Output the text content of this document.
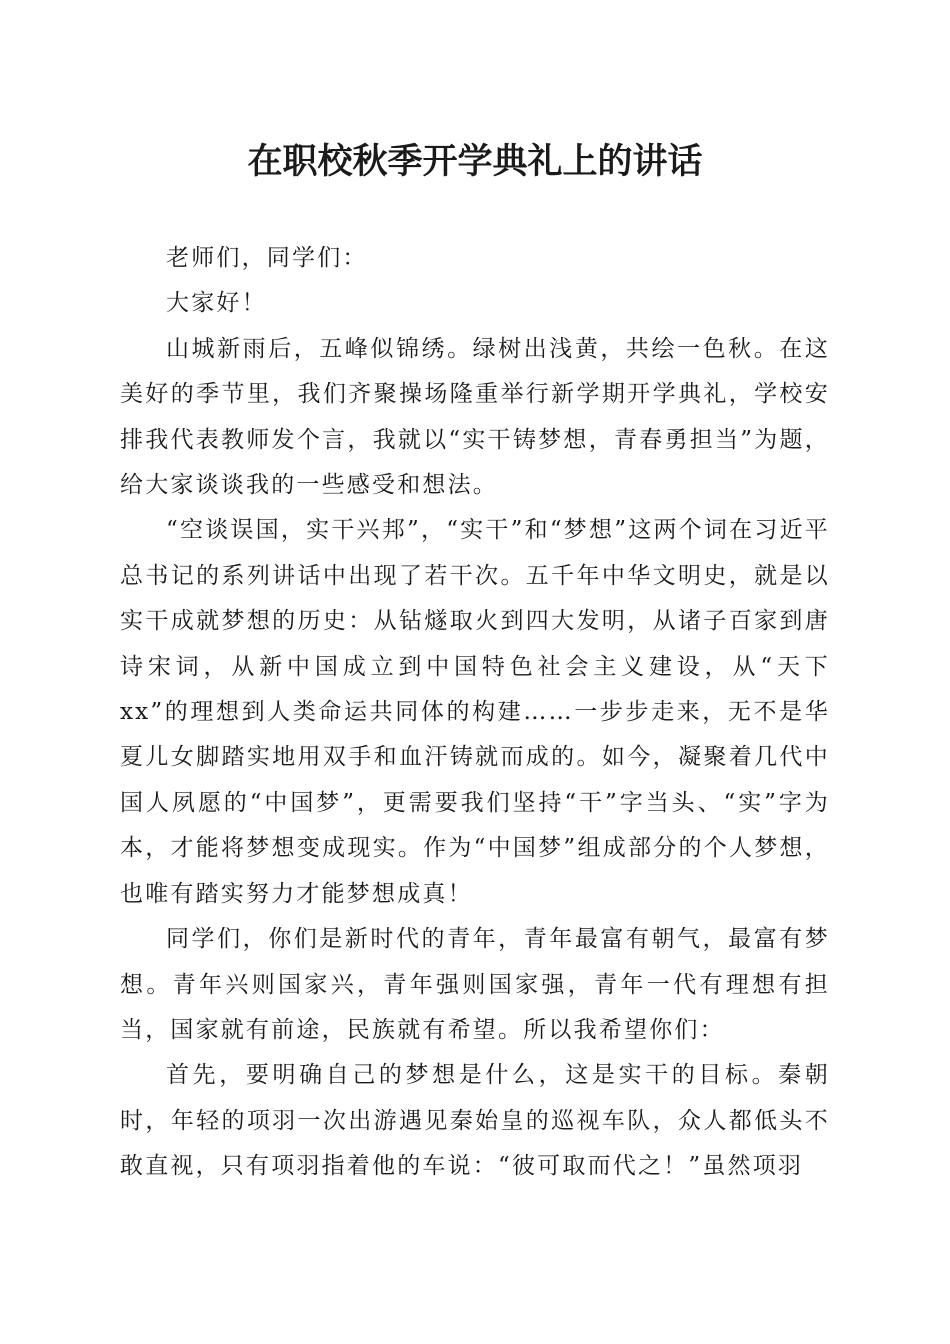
在职校秋季开学典礼上的讲话

老师们，同学们：

大家好！

山城新雨后，五峰似锦绣。绿树出浅黄，共绘一色秋。在这美好的季节里，我们齐聚操场隆重举行新学期开学典礼，学校安排我代表教师发个言，我就以“实干铸梦想，青春勇担当”为题，给大家谈谈我的一些感受和想法。

“空谈误国，实干兴邦”，“实干”和“梦想”这两个词在习近平总书记的系列讲话中出现了若干次。五千年中华文明史，就是以实干成就梦想的历史：从钻燧取火到四大发明，从诸子百家到唐诗宋词，从新中国成立到中国特色社会主义建设，从“天下xx”的理想到人类命运共同体的构建……一步步走来，无不是华夏儿女脚踏实地用双手和血汗铸就而成的。如今，凝聚着几代中国人夙愿的“中国梦”，更需要我们坚持“干”字当头、“实”字为本，才能将梦想变成现实。作为“中国梦”组成部分的个人梦想，也唯有踏实努力才能梦想成真！

同学们，你们是新时代的青年，青年最富有朝气，最富有梦想。青年兴则国家兴，青年强则国家强，青年一代有理想有担当，国家就有前途，民族就有希望。所以我希望你们：

首先，要明确自己的梦想是什么，这是实干的目标。秦朝时，年轻的项羽一次出游遇见秦始皇的巡视车队，众人都低头不敢直视，只有项羽指着他的车说：“彼可取而代之！”虽然项羽
